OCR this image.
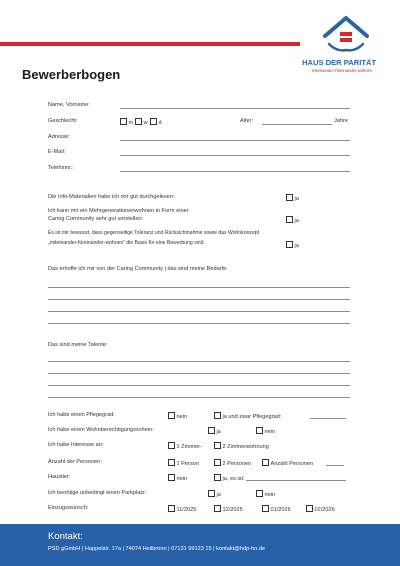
HAUS DER PARITÄT
miteinander-füreinander wohnen
Bewerberbogen
Name, Vorname:
Geschlecht:	m	w	d	Alter:	Jahre
Adresse:
E-Mail:
Telefonnr.:
Die Info-Materialien habe ich mir gut durchgelesen:	ja
Ich kann mir ein Mehrgenerationenwohnen in Form einer
Caring Community sehr gut vorstellen:	ja
Es ist mir bewusst, dass gegenseitige Toleranz und Rücksichtnahme sowie das Wohnkonzept
„miteinander-füreinander-wohnen“ die Basis für eine Bewerbung sind.	ja
Das erhoffe ich mir von der Caring Community | das sind meine Bedarfe:
Das sind meine Talente:
Ich habe einen Pflegegrad:	nein	ja und zwar Pflegegrad:
Ich habe einen Wohnberechtigungsschein:	ja	nein
Ich habe Interesse an:	1 Zimmer-	2 Zimmerwohnung
Anzahl der Personen:	1 Person	2 Personen	Anzahl Personen
Haustier:	nein	ja, es ist:
Ich benötige unbedingt einen Parkplatz:	ja	nein
Einzugswunsch:	11/2025	12/2025	01/2026	02/2026
Kontakt:
PSD gGmbH | Happelstr. 17a | 74074 Heilbronn | 07131 99123 15 | kontakt@hdp-hn.de
